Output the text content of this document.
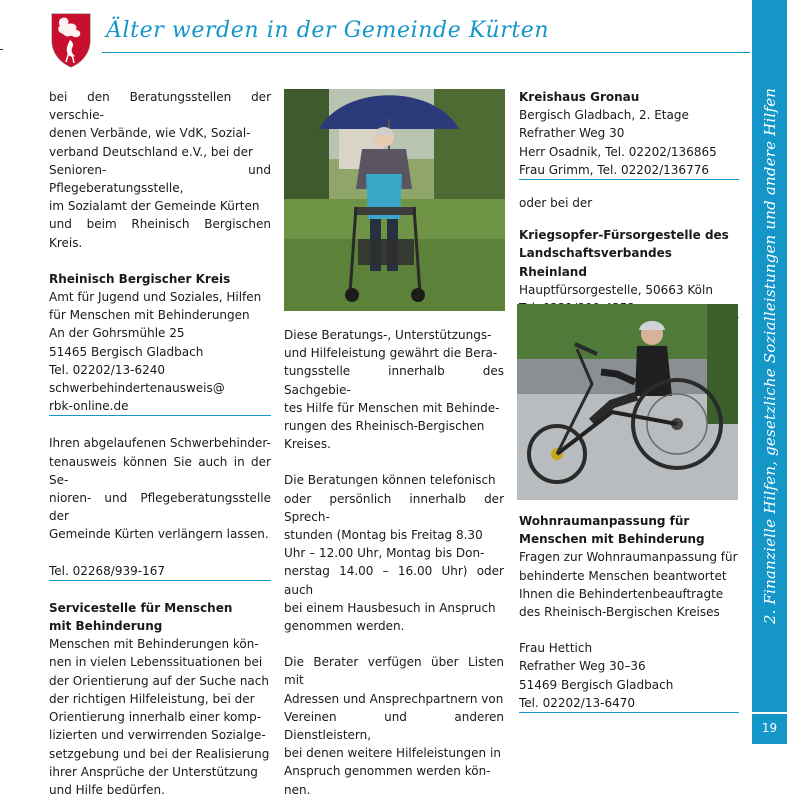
Älter werden in der Gemeinde Kürten
2. Finanzielle Hilfen, gesetzliche Sozialleistungen und andere Hilfen
19

bei den Beratungsstellen der verschie-

denen Verbände, wie VdK, Sozial-

verband Deutschland e.V., bei der

Senioren- und Pflegeberatungsstelle,

im Sozialamt der Gemeinde Kürten

und beim Rheinisch Bergischen Kreis.

Rheinisch Bergischer Kreis

Amt für Jugend und Soziales, Hilfen

für Menschen mit Behinderungen

An der Gohrsmühle 25

51465 Bergisch Gladbach

Tel. 02202/13-6240

schwerbehindertenausweis@

rbk-online.de

Ihren abgelaufenen Schwerbehinder-

tenausweis können Sie auch in der Se-

nioren- und Pflegeberatungsstelle der

Gemeinde Kürten verlängern lassen.

Tel. 02268/939-167

Servicestelle für Menschen

mit Behinderung

Menschen mit Behinderungen kön-

nen in vielen Lebenssituationen bei

der Orientierung auf der Suche nach

der richtigen Hilfeleistung, bei der

Orientierung innerhalb einer komp-

lizierten und verwirrenden Sozialge-

setzgebung und bei der Realisierung

ihrer Ansprüche der Unterstützung

und Hilfe bedürfen.

Diese Beratungs-, Unterstützungs-

und Hilfeleistung gewährt die Bera-

tungsstelle innerhalb des Sachgebie-

tes Hilfe für Menschen mit Behinde-

rungen des Rheinisch-Bergischen

Kreises.

Die Beratungen können telefonisch

oder persönlich innerhalb der Sprech-

stunden (Montag bis Freitag 8.30

Uhr – 12.00 Uhr, Montag bis Don-

nerstag 14.00 – 16.00 Uhr) oder auch

bei einem Hausbesuch in Anspruch

genommen werden.

Die Berater verfügen über Listen mit

Adressen und Ansprechpartnern von

Vereinen und anderen Dienstleistern,

bei denen weitere Hilfeleistungen in

Anspruch genommen werden kön-

nen.

Kreishaus Gronau

Bergisch Gladbach, 2. Etage

Refrather Weg 30

Herr Osadnik, Tel. 02202/136865

Frau Grimm, Tel. 02202/136776

oder bei der

Kriegsopfer-Fürsorgestelle des

Landschaftsverbandes Rheinland

Hauptfürsorgestelle, 50663 Köln

Wohnraumanpassung für

Menschen mit Behinderung

Fragen zur Wohnraumanpassung für

behinderte Menschen beantwortet

Ihnen die Behindertenbeauftragte

des Rheinisch-Bergischen Kreises

Frau Hettich

Refrather Weg 30–36

51469 Bergisch Gladbach

Tel. 02202/13-6470
